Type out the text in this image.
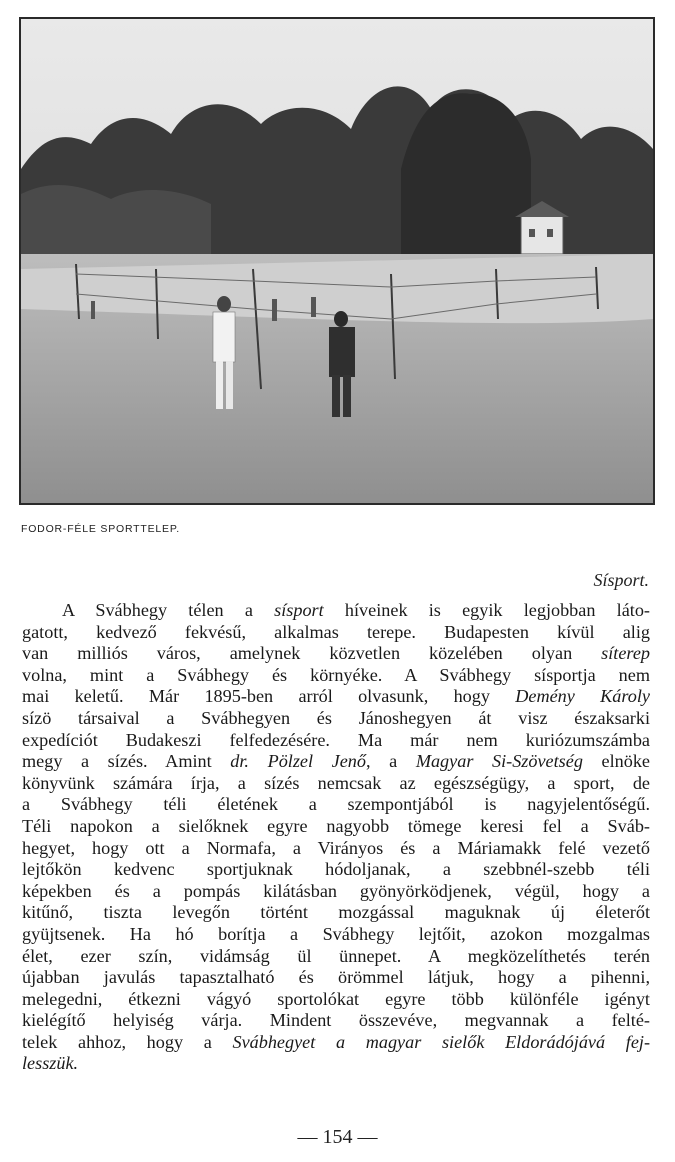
FODOR-FÉLE SPORTTELEP.
Sísport.
A Svábhegy télen a sísport híveinek is egyik legjobban láto-
gatott, kedvező fekvésű, alkalmas terepe. Budapesten kívül alig
van milliós város, amelynek közvetlen közelében olyan síterep
volna, mint a Svábhegy és környéke. A Svábhegy sísportja nem
mai keletű. Már 1895-ben arról olvasunk, hogy Demény Károly
sízö társaival a Svábhegyen és Jánoshegyen át visz északsarki
expedíciót Budakeszi felfedezésére. Ma már nem kuriózumszámba
megy a sízés. Amint dr. Pölzel Jenő, a Magyar Si-Szövetség elnöke
könyvünk számára írja, a sízés nemcsak az egészségügy, a sport, de
a Svábhegy téli életének a szempontjából is nagyjelentőségű.
Téli napokon a sielőknek egyre nagyobb tömege keresi fel a Sváb-
hegyet, hogy ott a Normafa, a Virányos és a Máriamakk felé vezető
lejtőkön kedvenc sportjuknak hódoljanak, a szebbnél-szebb téli
képekben és a pompás kilátásban gyönyörködjenek, végül, hogy a
kitűnő, tiszta levegőn történt mozgással maguknak új életerőt
gyüjtsenek. Ha hó borítja a Svábhegy lejtőit, azokon mozgalmas
élet, ezer szín, vidámság ül ünnepet. A megközelíthetés terén
újabban javulás tapasztalható és örömmel látjuk, hogy a pihenni,
melegedni, étkezni vágyó sportolókat egyre több különféle igényt
kielégítő helyiség várja. Mindent összevéve, megvannak a felté-
telek ahhoz, hogy a Svábhegyet a magyar sielők Eldorádójává fej-
lesszük.
— 154 —
